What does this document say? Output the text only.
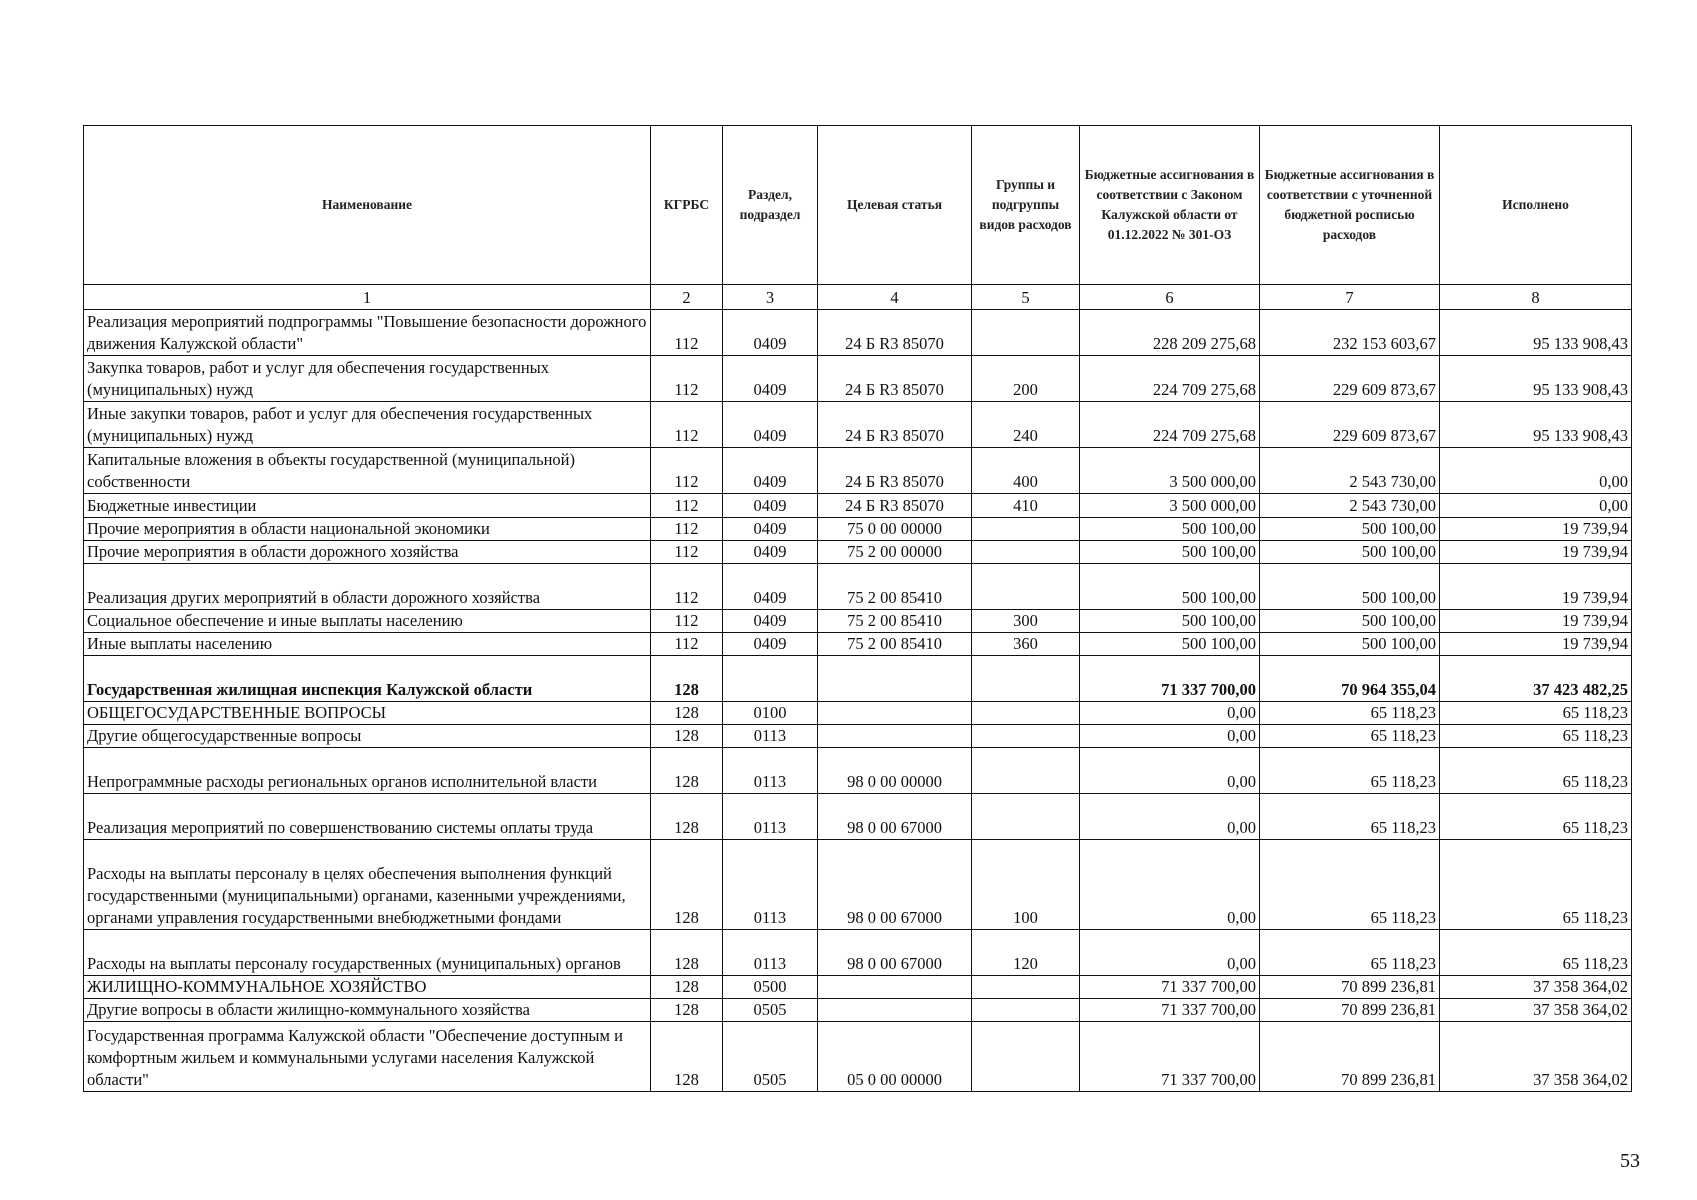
Наименование	КГРБС	Раздел, подраздел	Целевая статья	Группы и подгруппы видов расходов	Бюджетные ассигнования в соответствии с Законом Калужской области от 01.12.2022 № 301-ОЗ	Бюджетные ассигнования в соответствии с уточненной бюджетной росписью расходов	Исполнено
1	2	3	4	5	6	7	8
Реализация мероприятий подпрограммы "Повышение безопасности дорожного движения Калужской области"	112	0409	24 Б R3 85070		228 209 275,68	232 153 603,67	95 133 908,43
Закупка товаров, работ и услуг для обеспечения государственных (муниципальных) нужд	112	0409	24 Б R3 85070	200	224 709 275,68	229 609 873,67	95 133 908,43
Иные закупки товаров, работ и услуг для обеспечения государственных (муниципальных) нужд	112	0409	24 Б R3 85070	240	224 709 275,68	229 609 873,67	95 133 908,43
Капитальные вложения в объекты государственной (муниципальной) собственности	112	0409	24 Б R3 85070	400	3 500 000,00	2 543 730,00	0,00
Бюджетные инвестиции	112	0409	24 Б R3 85070	410	3 500 000,00	2 543 730,00	0,00
Прочие мероприятия в области национальной экономики	112	0409	75 0 00 00000		500 100,00	500 100,00	19 739,94
Прочие мероприятия в области дорожного хозяйства	112	0409	75 2 00 00000		500 100,00	500 100,00	19 739,94
Реализация других мероприятий в области дорожного хозяйства	112	0409	75 2 00 85410		500 100,00	500 100,00	19 739,94
Социальное обеспечение и иные выплаты населению	112	0409	75 2 00 85410	300	500 100,00	500 100,00	19 739,94
Иные выплаты населению	112	0409	75 2 00 85410	360	500 100,00	500 100,00	19 739,94
Государственная жилищная инспекция Калужской области	128				71 337 700,00	70 964 355,04	37 423 482,25
ОБЩЕГОСУДАРСТВЕННЫЕ ВОПРОСЫ	128	0100			0,00	65 118,23	65 118,23
Другие общегосударственные вопросы	128	0113			0,00	65 118,23	65 118,23
Непрограммные расходы региональных органов исполнительной власти	128	0113	98 0 00 00000		0,00	65 118,23	65 118,23
Реализация мероприятий по совершенствованию системы оплаты труда	128	0113	98 0 00 67000		0,00	65 118,23	65 118,23
Расходы на выплаты персоналу в целях обеспечения выполнения функций государственными (муниципальными) органами, казенными учреждениями, органами управления государственными внебюджетными фондами	128	0113	98 0 00 67000	100	0,00	65 118,23	65 118,23
Расходы на выплаты персоналу государственных (муниципальных) органов	128	0113	98 0 00 67000	120	0,00	65 118,23	65 118,23
ЖИЛИЩНО-КОММУНАЛЬНОЕ ХОЗЯЙСТВО	128	0500			71 337 700,00	70 899 236,81	37 358 364,02
Другие вопросы в области жилищно-коммунального хозяйства	128	0505			71 337 700,00	70 899 236,81	37 358 364,02
Государственная программа Калужской области "Обеспечение доступным и комфортным жильем и коммунальными услугами населения Калужской области"	128	0505	05 0 00 00000		71 337 700,00	70 899 236,81	37 358 364,02
53
